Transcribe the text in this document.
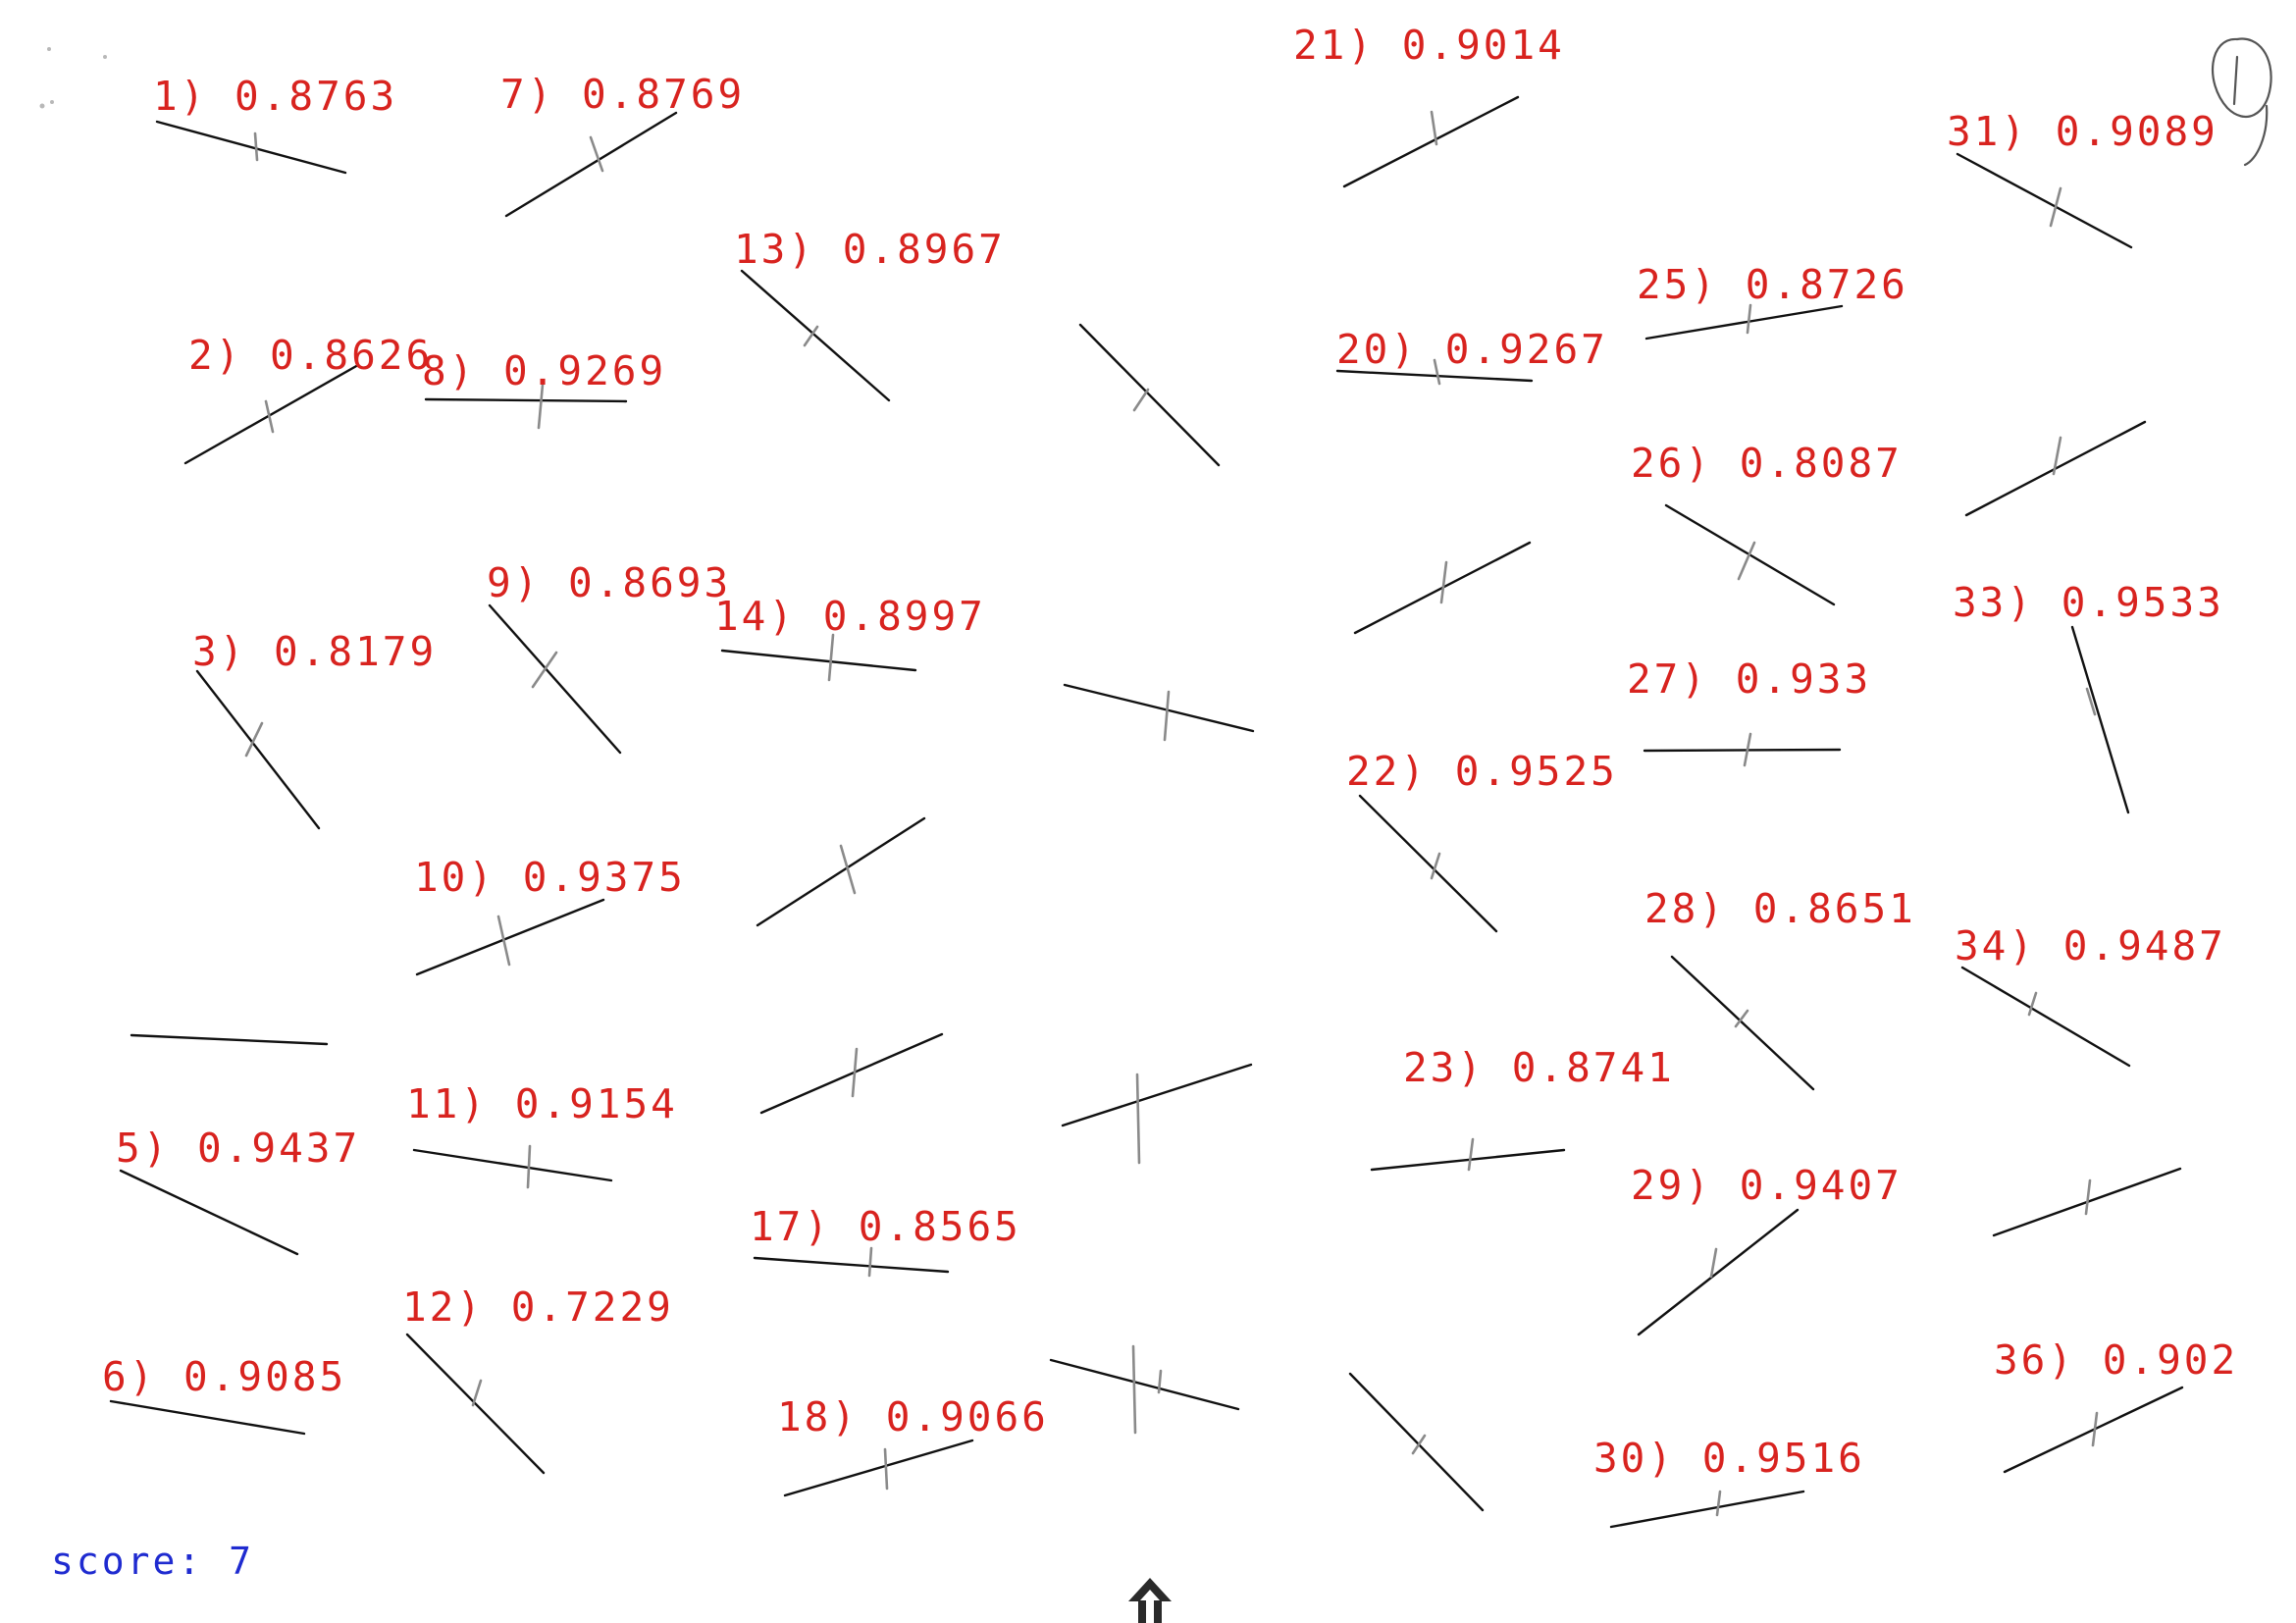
1) 0.8763
2) 0.8626
3) 0.8179
5) 0.9437
6) 0.9085
7) 0.8769
8) 0.9269
9) 0.8693
10) 0.9375
11) 0.9154
12) 0.7229
13) 0.8967
14) 0.8997
17) 0.8565
18) 0.9066
20) 0.9267
21) 0.9014
22) 0.9525
23) 0.8741
25) 0.8726
26) 0.8087
27) 0.933
28) 0.8651
29) 0.9407
30) 0.9516
31) 0.9089
33) 0.9533
34) 0.9487
36) 0.902
1
score: 7
